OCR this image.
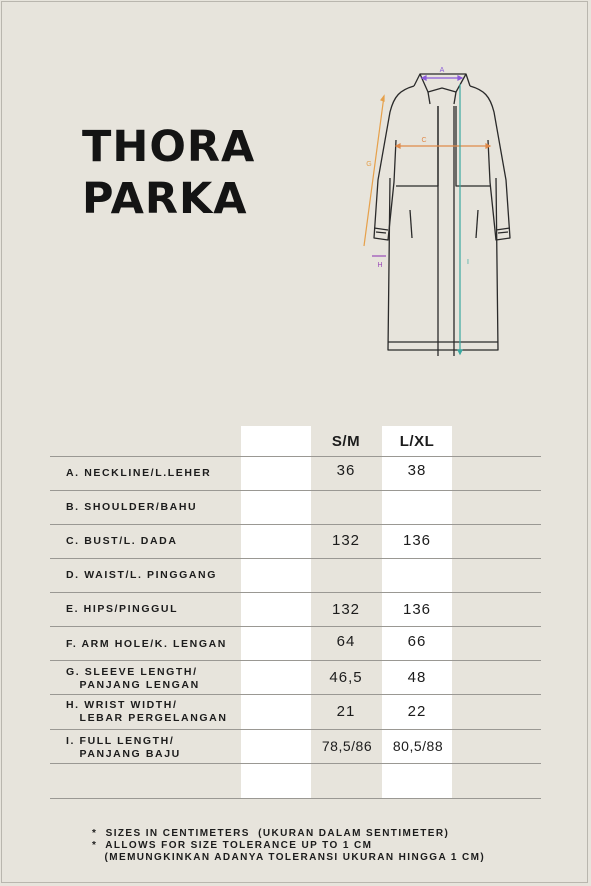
THORA
PARKA
A
C
G
H	I
S/M	L/XL
A. NECKLINE/L.LEHER
B. SHOULDER/BAHU
C. BUST/L. DADA
D. WAIST/L. PINGGANG
E. HIPS/PINGGUL
F. ARM HOLE/K. LENGAN
G. SLEEVE LENGTH/
PANJANG LENGAN
H. WRIST WIDTH/
LEBAR PERGELANGAN
I. FULL LENGTH/
PANJANG BAJU
36
132
132
64
46,5
21
78,5/86
38
136
136
66
48
22
80,5/88
*  SIZES IN CENTIMETERS  (UKURAN DALAM SENTIMETER)
*  ALLOWS FOR SIZE TOLERANCE UP TO 1 CM
(MEMUNGKINKAN ADANYA TOLERANSI UKURAN HINGGA 1 CM)
